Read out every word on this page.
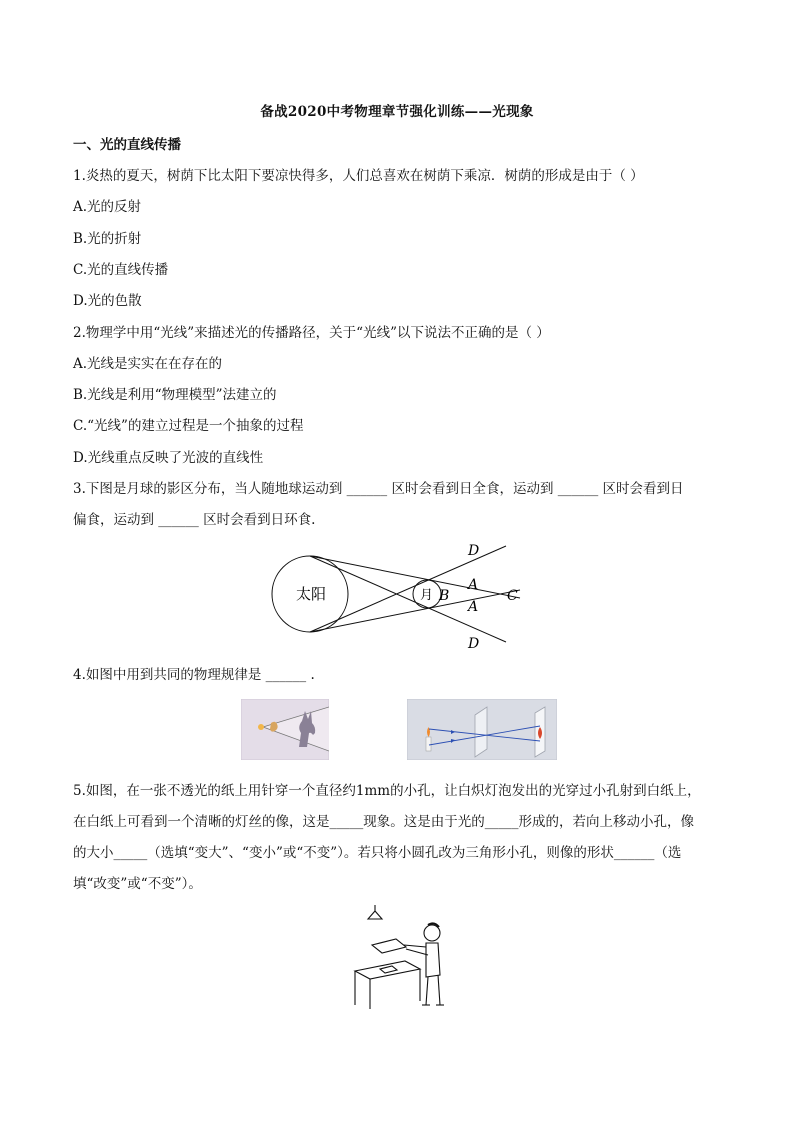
备战2020中考物理章节强化训练——光现象
一、光的直线传播
1.炎热的夏天，树荫下比太阳下要凉快得多，人们总喜欢在树荫下乘凉．树荫的形成是由于（ ）
A.光的反射
B.光的折射
C.光的直线传播
D.光的色散
2.物理学中用“光线”来描述光的传播路径，关于“光线”以下说法不正确的是（ ）
A.光线是实实在在存在的
B.光线是利用“物理模型”法建立的
C.“光线”的建立过程是一个抽象的过程
D.光线重点反映了光波的直线性
3.下图是月球的影区分布，当人随地球运动到 ______ 区时会看到日全食，运动到 ______ 区时会看到日
偏食，运动到 ______ 区时会看到日环食.
太阳	月
D
D
A
A
B	C
4.如图中用到共同的物理规律是 ______ .
5.如图，在一张不透光的纸上用针穿一个直径约1mm的小孔，让白炽灯泡发出的光穿过小孔射到白纸上，
在白纸上可看到一个清晰的灯丝的像，这是_____现象。这是由于光的_____形成的，若向上移动小孔，像
的大小_____（选填“变大”、“变小”或“不变”）。若只将小圆孔改为三角形小孔，则像的形状______（选
填“改变”或“不变”）。
